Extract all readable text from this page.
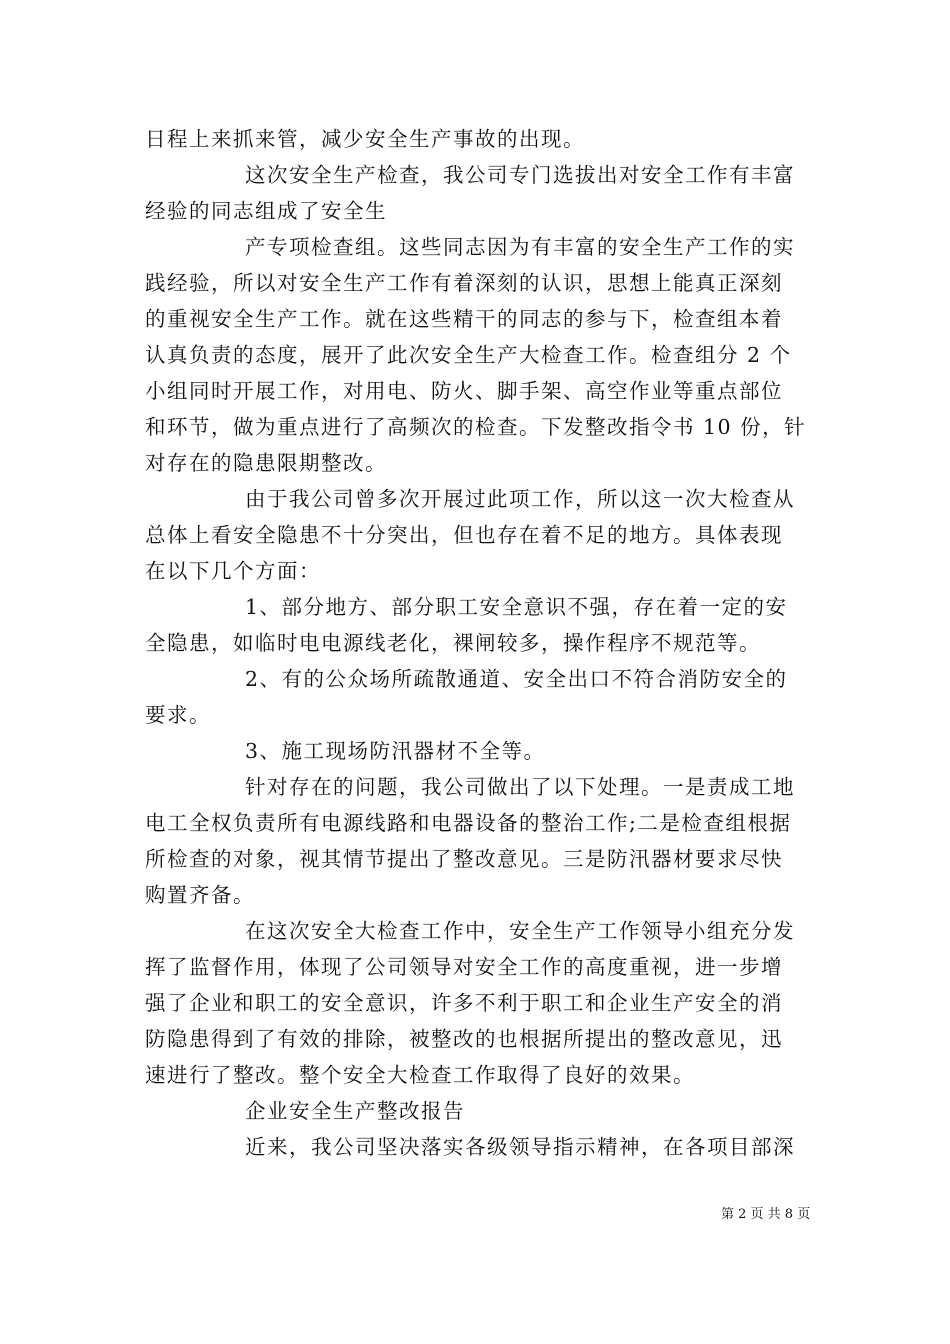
日程上来抓来管，减少安全生产事故的出现。
这次安全生产检查，我公司专门选拔出对安全工作有丰富
经验的同志组成了安全生
产专项检查组。这些同志因为有丰富的安全生产工作的实
践经验，所以对安全生产工作有着深刻的认识，思想上能真正深刻
的重视安全生产工作。就在这些精干的同志的参与下，检查组本着
认真负责的态度，展开了此次安全生产大检查工作。检查组分 2 个
小组同时开展工作，对用电、防火、脚手架、高空作业等重点部位
和环节，做为重点进行了高频次的检查。下发整改指令书 10 份，针
对存在的隐患限期整改。
由于我公司曾多次开展过此项工作，所以这一次大检查从
总体上看安全隐患不十分突出，但也存在着不足的地方。具体表现
在以下几个方面：
1、部分地方、部分职工安全意识不强，存在着一定的安
全隐患，如临时电电源线老化，裸闸较多，操作程序不规范等。
2、有的公众场所疏散通道、安全出口不符合消防安全的
要求。
3、施工现场防汛器材不全等。
针对存在的问题，我公司做出了以下处理。一是责成工地
电工全权负责所有电源线路和电器设备的整治工作;二是检查组根据
所检查的对象，视其情节提出了整改意见。三是防汛器材要求尽快
购置齐备。
在这次安全大检查工作中，安全生产工作领导小组充分发
挥了监督作用，体现了公司领导对安全工作的高度重视，进一步增
强了企业和职工的安全意识，许多不利于职工和企业生产安全的消
防隐患得到了有效的排除，被整改的也根据所提出的整改意见，迅
速进行了整改。整个安全大检查工作取得了良好的效果。
企业安全生产整改报告
近来，我公司坚决落实各级领导指示精神，在各项目部深
第 2 页 共 8 页
